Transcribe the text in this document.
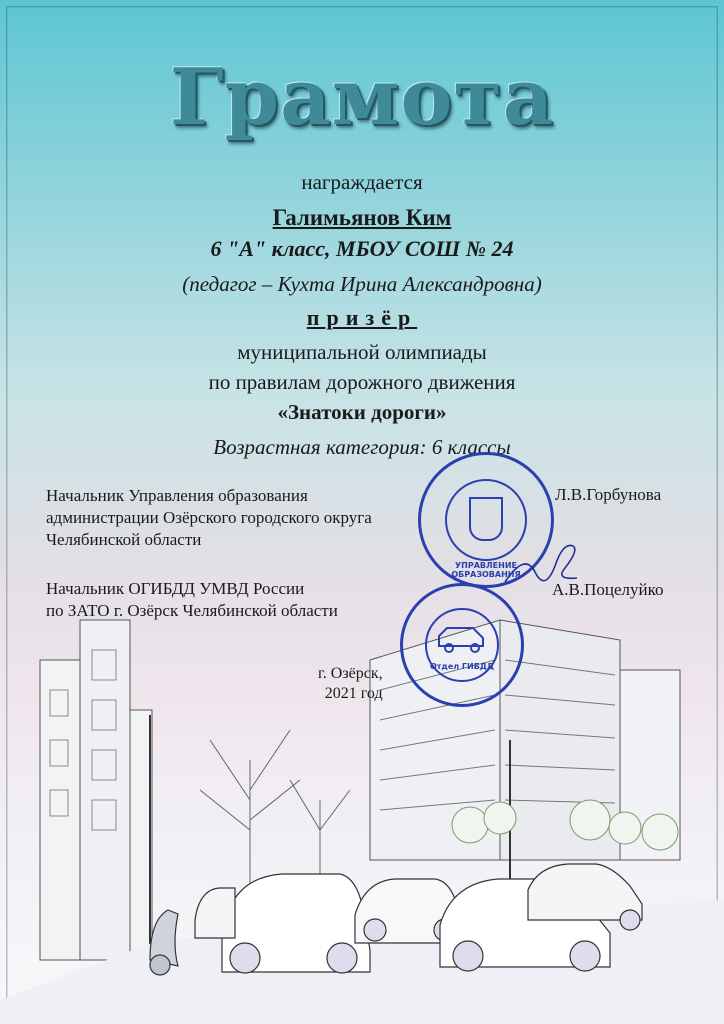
Грамота
награждается
Галимьянов Ким
6 "А" класс, МБОУ СОШ № 24
(педагог – Кухта Ирина Александровна)
призёр
муниципальной олимпиады
по правилам дорожного движения
«Знатоки дороги»
Возрастная категория: 6 классы
УПРАВЛЕНИЕ ОБРАЗОВАНИЯ
Отдел ГИБДД
Начальник Управления образования
администрации Озёрского городского округа
Челябинской области
Л.В.Горбунова
Начальник ОГИБДД УМВД России
по ЗАТО г. Озёрск Челябинской области
А.В.Поцелуйко
г. Озёрск,
2021 год
